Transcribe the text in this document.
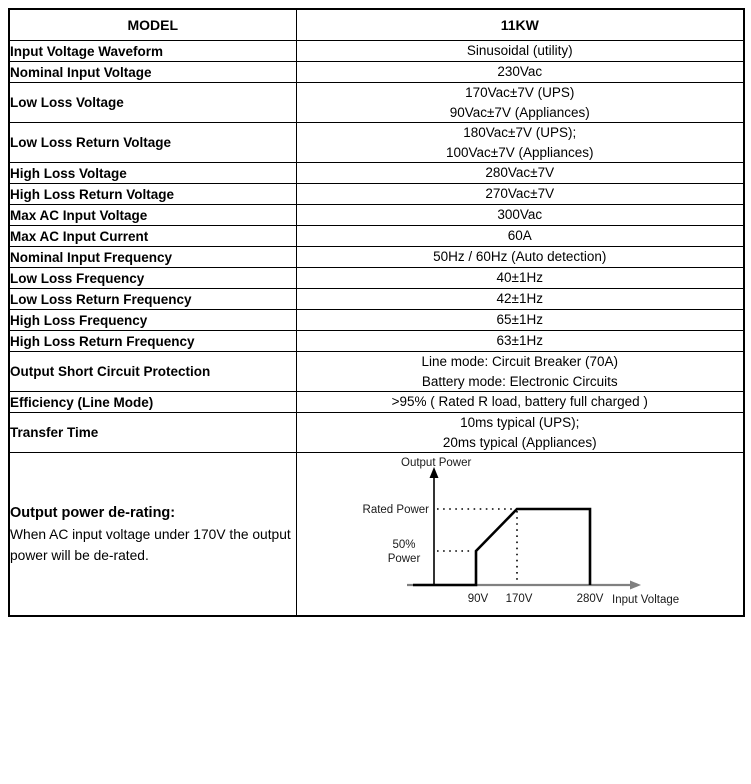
MODEL	11KW
Input Voltage Waveform	Sinusoidal (utility)

Nominal Input Voltage	230Vac

Low Loss Voltage	170Vac±7V (UPS)
90Vac±7V (Appliances)

Low Loss Return Voltage	180Vac±7V (UPS);
100Vac±7V (Appliances)

High Loss Voltage	280Vac±7V

High Loss Return Voltage	270Vac±7V

Max AC Input Voltage	300Vac

Max AC Input Current	60A

Nominal Input Frequency	50Hz / 60Hz (Auto detection)

Low Loss Frequency	40±1Hz

Low Loss Return Frequency	42±1Hz

High Loss Frequency	65±1Hz

High Loss Return Frequency	63±1Hz

Output Short Circuit Protection	Line mode: Circuit Breaker (70A)
Battery mode: Electronic Circuits

Efficiency (Line Mode)	>95% ( Rated R load, battery full charged )

Transfer Time	10ms typical (UPS);
20ms typical (Appliances)

Output power de-rating:
When AC input voltage under 170V the output power will be de-rated.

Output Power
Rated Power
50%
Power
90V 170V	280V Input Voltage
